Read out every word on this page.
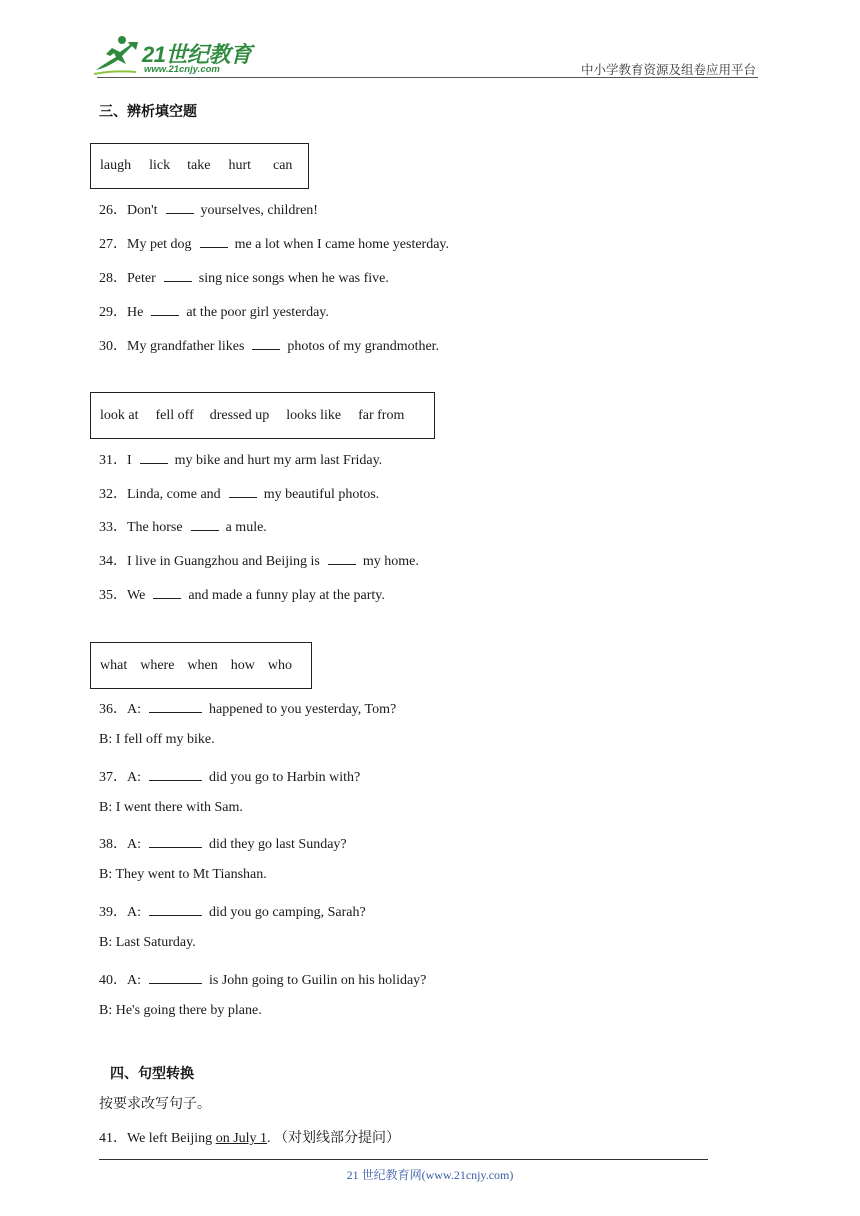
21世纪教育
www.21cnjy.com	中小学教育资源及组卷应用平台
三、辨析填空题
laugh lick take hurt can
26．Don't	yourselves, children!
27．My pet dog	me a lot when I came home yesterday.
28．Peter	sing nice songs when he was five.
29．He	at the poor girl yesterday.
30．My grandfather likes	photos of my grandmother.
look at fell off dressed up looks like far from
31．I	my bike and hurt my arm last Friday.
32．Linda, come and	my beautiful photos.
33．The horse	a mule.
34．I live in Guangzhou and Beijing is	my home.
35．We	and made a funny play at the party.
what where when how who
36．A:	happened to you yesterday, Tom?
B: I fell off my bike.
37．A:	did you go to Harbin with?
B: I went there with Sam.
38．A:	did they go last Sunday?
B: They went to Mt Tianshan.
39．A:	did you go camping, Sarah?
B: Last Saturday.
40．A:	is John going to Guilin on his holiday?
B: He's going there by plane.
四、句型转换
按要求改写句子。
41．We left Beijing on July 1. （对划线部分提问）
21 世纪教育网(www.21cnjy.com)
